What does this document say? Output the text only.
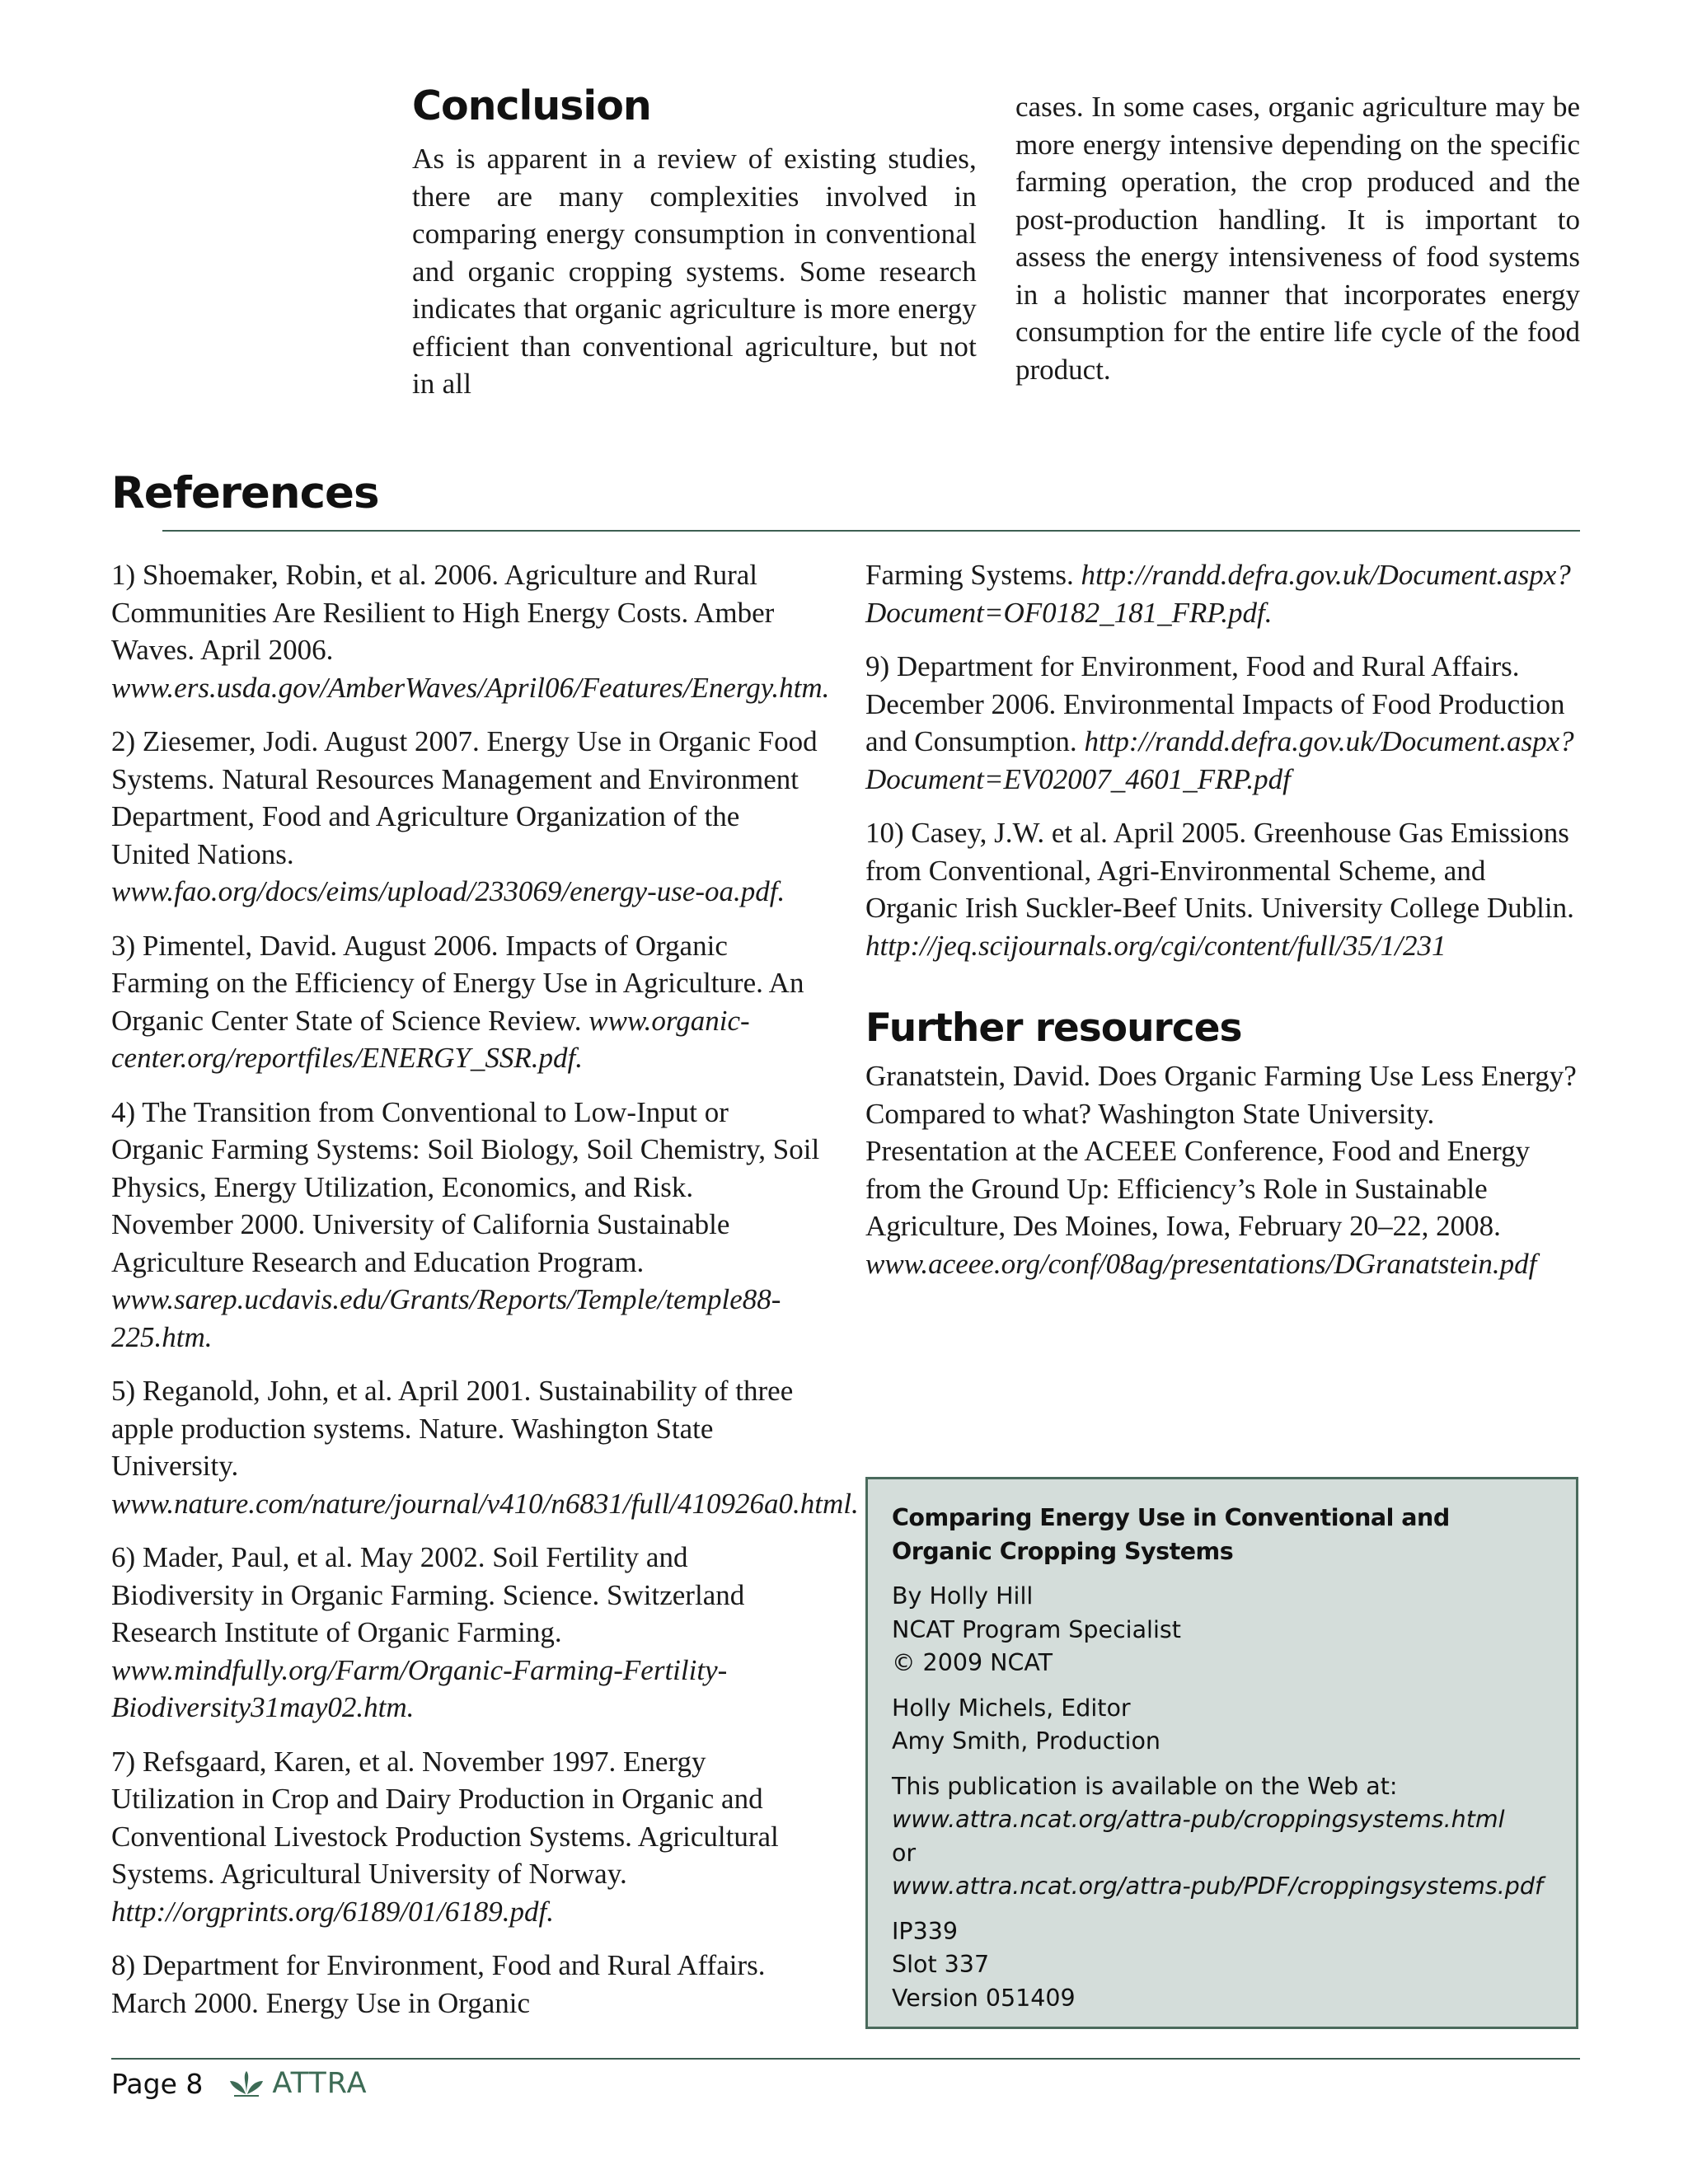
Conclusion

As is apparent in a review of existing studies, there are many complexities involved in comparing energy consumption in conventional and organic cropping systems. Some research indicates that organic agriculture is more energy efficient than conventional agriculture, but not in all

cases. In some cases, organic agriculture may be more energy intensive depending on the specific farming operation, the crop produced and the post-production handling. It is important to assess the energy intensiveness of food systems in a holistic manner that incorporates energy consumption for the entire life cycle of the food product.

References

1) Shoemaker, Robin, et al. 2006. Agriculture and Rural Communities Are Resilient to High Energy Costs. Amber Waves. April 2006. www.ers.usda.gov/AmberWaves/April06/Features/Energy.htm.

2) Ziesemer, Jodi. August 2007. Energy Use in Organic Food Systems. Natural Resources Management and Environment Department, Food and Agriculture Organization of the United Nations. www.fao.org/docs/eims/upload/233069/energy-use-oa.pdf.

3) Pimentel, David. August 2006. Impacts of Organic Farming on the Efficiency of Energy Use in Agriculture. An Organic Center State of Science Review. www.organic-center.org/reportfiles/ENERGY_SSR.pdf.

4) The Transition from Conventional to Low-Input or Organic Farming Systems: Soil Biology, Soil Chemistry, Soil Physics, Energy Utilization, Economics, and Risk. November 2000. University of California Sustainable Agriculture Research and Education Program. www.sarep.ucdavis.edu/Grants/Reports/Temple/temple88-225.htm.

5) Reganold, John, et al. April 2001. Sustainability of three apple production systems. Nature. Washington State University. www.nature.com/nature/journal/v410/n6831/full/410926a0.html.

6) Mader, Paul, et al. May 2002. Soil Fertility and Biodiversity in Organic Farming. Science. Switzerland Research Institute of Organic Farming. www.mindfully.org/Farm/Organic-Farming-Fertility-Biodiversity31may02.htm.

7) Refsgaard, Karen, et al. November 1997. Energy Utilization in Crop and Dairy Production in Organic and Conventional Livestock Production Systems. Agricultural Systems. Agricultural University of Norway. http://orgprints.org/6189/01/6189.pdf.

8) Department for Environment, Food and Rural Affairs. March 2000. Energy Use in Organic

Farming Systems. http://randd.defra.gov.uk/Document.aspx?Document=OF0182_181_FRP.pdf.

9) Department for Environment, Food and Rural Affairs. December 2006. Environmental Impacts of Food Production and Consumption. http://randd.defra.gov.uk/Document.aspx?Document=EV02007_4601_FRP.pdf

10) Casey, J.W. et al. April 2005. Greenhouse Gas Emissions from Conventional, Agri-Environmental Scheme, and Organic Irish Suckler-Beef Units. University College Dublin. http://jeq.scijournals.org/cgi/content/full/35/1/231

Further resources

Granatstein, David. Does Organic Farming Use Less Energy? Compared to what? Washington State University. Presentation at the ACEEE Conference, Food and Energy from the Ground Up: Efficiency’s Role in Sustainable Agriculture, Des Moines, Iowa, February 20–22, 2008. www.aceee.org/conf/08ag/presentations/DGranatstein.pdf

Comparing Energy Use in Conventional and
Organic Cropping Systems

By Holly Hill
NCAT Program Specialist
© 2009 NCAT

Holly Michels, Editor
Amy Smith, Production

This publication is available on the Web at:
www.attra.ncat.org/attra-pub/croppingsystems.html
or
www.attra.ncat.org/attra-pub/PDF/croppingsystems.pdf

IP339
Slot 337
Version 051409

Page 8 ATTRA
